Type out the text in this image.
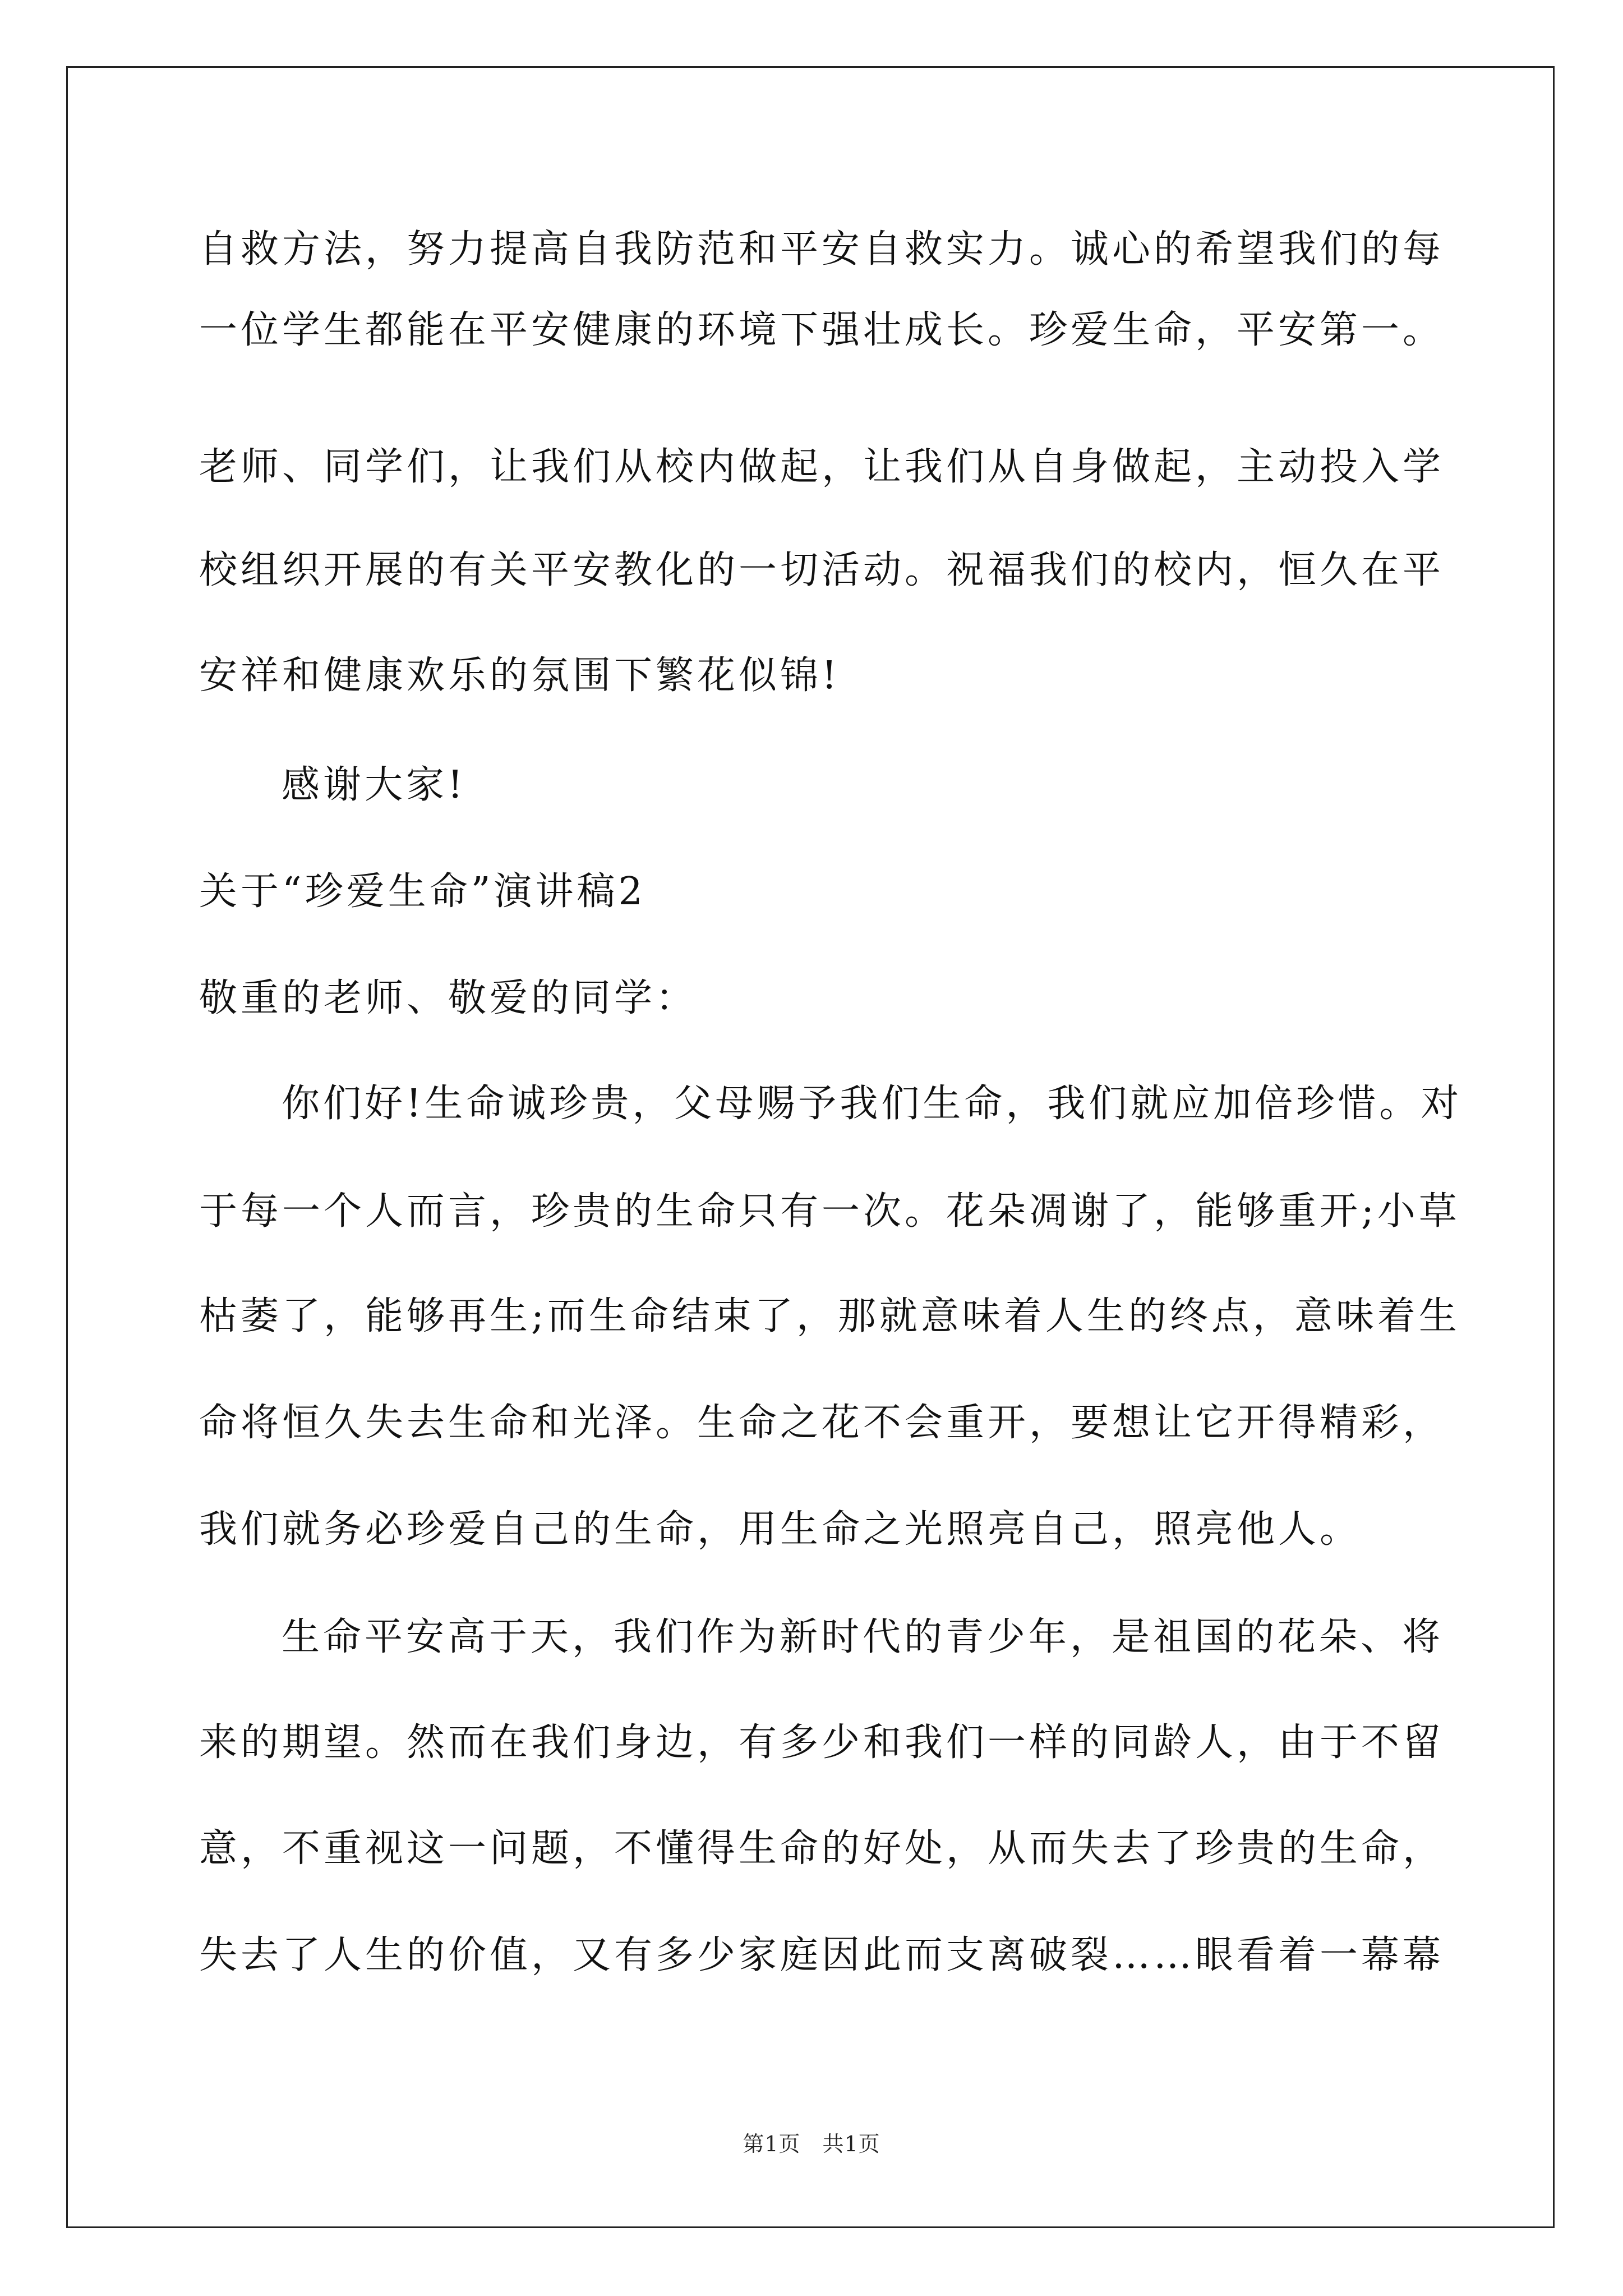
自救方法，努力提高自我防范和平安自救实力。诚心的希望我们的每
一位学生都能在平安健康的环境下强壮成长。珍爱生命，平安第一。
老师、同学们，让我们从校内做起，让我们从自身做起，主动投入学
校组织开展的有关平安教化的一切活动。祝福我们的校内，恒久在平
安祥和健康欢乐的氛围下繁花似锦!
感谢大家!
关于“珍爱生命”演讲稿2
敬重的老师、敬爱的同学：
你们好!生命诚珍贵，父母赐予我们生命，我们就应加倍珍惜。对
于每一个人而言，珍贵的生命只有一次。花朵凋谢了，能够重开;小草
枯萎了，能够再生;而生命结束了，那就意味着人生的终点，意味着生
命将恒久失去生命和光泽。生命之花不会重开，要想让它开得精彩，
我们就务必珍爱自己的生命，用生命之光照亮自己，照亮他人。
生命平安高于天，我们作为新时代的青少年，是祖国的花朵、将
来的期望。然而在我们身边，有多少和我们一样的同龄人，由于不留
意，不重视这一问题，不懂得生命的好处，从而失去了珍贵的生命，
失去了人生的价值，又有多少家庭因此而支离破裂……眼看着一幕幕
第1页　共1页
